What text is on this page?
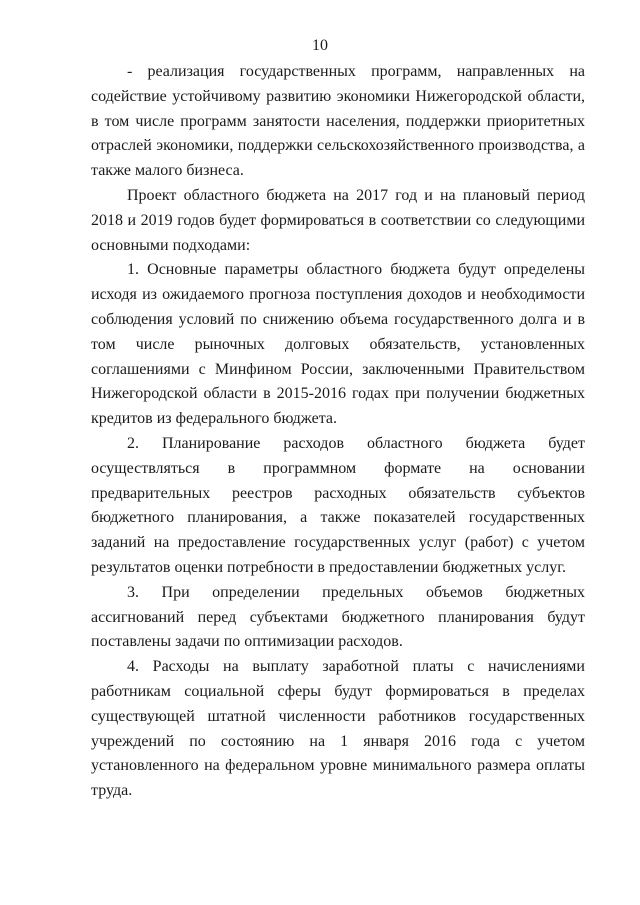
10

- реализация государственных программ, направленных на содействие устойчивому развитию экономики Нижегородской области, в том числе программ занятости населения, поддержки приоритетных отраслей экономики, поддержки сельскохозяйственного производства, а также малого бизнеса.

Проект областного бюджета на 2017 год и на плановый период 2018 и 2019 годов будет формироваться в соответствии со следующими основными подходами:

1. Основные параметры областного бюджета будут определены исходя из ожидаемого прогноза поступления доходов и необходимости соблюдения условий по снижению объема государственного долга и в том числе рыночных долговых обязательств, установленных соглашениями с Минфином России, заключенными Правительством Нижегородской области в 2015-2016 годах при получении бюджетных кредитов из федерального бюджета.

2. Планирование расходов областного бюджета будет осуществляться в программном формате на основании предварительных реестров расходных обязательств субъектов бюджетного планирования, а также показателей государственных заданий на предоставление государственных услуг (работ) с учетом результатов оценки потребности в предоставлении бюджетных услуг.

3. При определении предельных объемов бюджетных ассигнований перед субъектами бюджетного планирования будут поставлены задачи по оптимизации расходов.

4. Расходы на выплату заработной платы с начислениями работникам социальной сферы будут формироваться в пределах существующей штатной численности работников государственных учреждений по состоянию на 1 января 2016 года с учетом установленного на федеральном уровне минимального размера оплаты труда.
